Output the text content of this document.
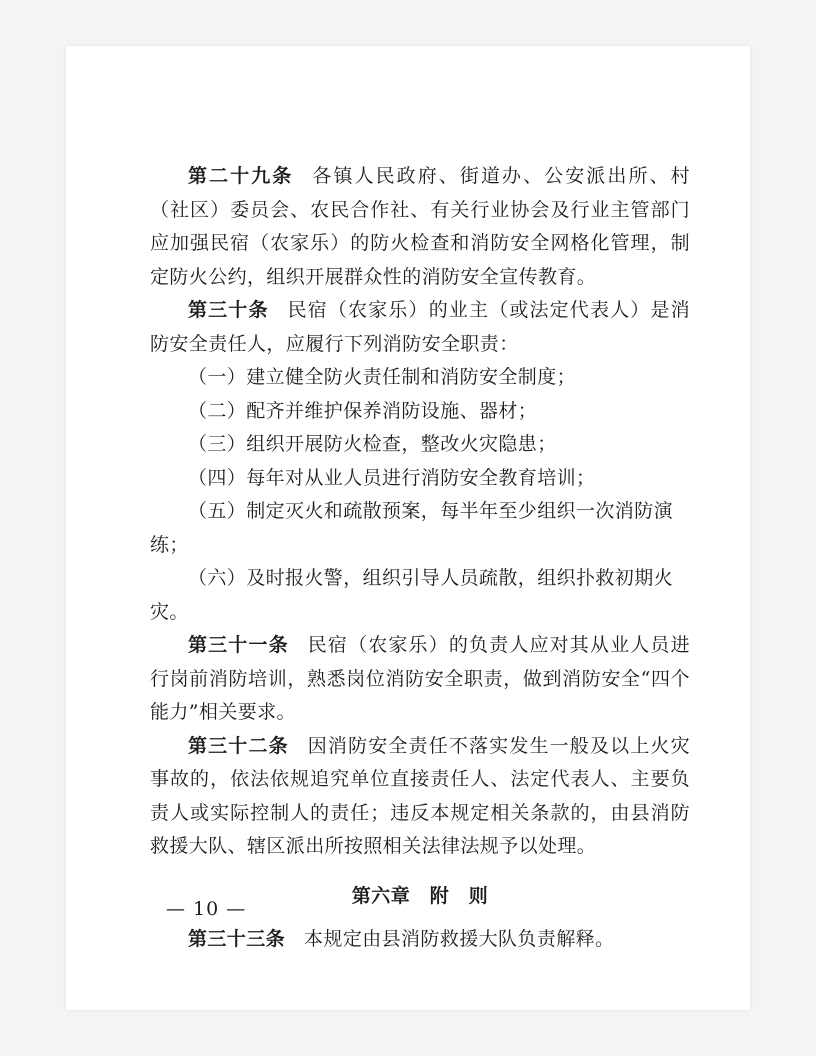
第二十九条 各镇人民政府、街道办、公安派出所、村（社区）委员会、农民合作社、有关行业协会及行业主管部门应加强民宿（农家乐）的防火检查和消防安全网格化管理，制定防火公约，组织开展群众性的消防安全宣传教育。

第三十条 民宿（农家乐）的业主（或法定代表人）是消防安全责任人，应履行下列消防安全职责：

（一）建立健全防火责任制和消防安全制度；

（二）配齐并维护保养消防设施、器材；

（三）组织开展防火检查，整改火灾隐患；

（四）每年对从业人员进行消防安全教育培训；

（五）制定灭火和疏散预案，每半年至少组织一次消防演练；

（六）及时报火警，组织引导人员疏散，组织扑救初期火灾。

第三十一条 民宿（农家乐）的负责人应对其从业人员进行岗前消防培训，熟悉岗位消防安全职责，做到消防安全“四个能力”相关要求。

第三十二条 因消防安全责任不落实发生一般及以上火灾事故的，依法依规追究单位直接责任人、法定代表人、主要负责人或实际控制人的责任；违反本规定相关条款的，由县消防救援大队、辖区派出所按照相关法律法规予以处理。

第六章　附　则

第三十三条 本规定由县消防救援大队负责解释。

— 10 —
